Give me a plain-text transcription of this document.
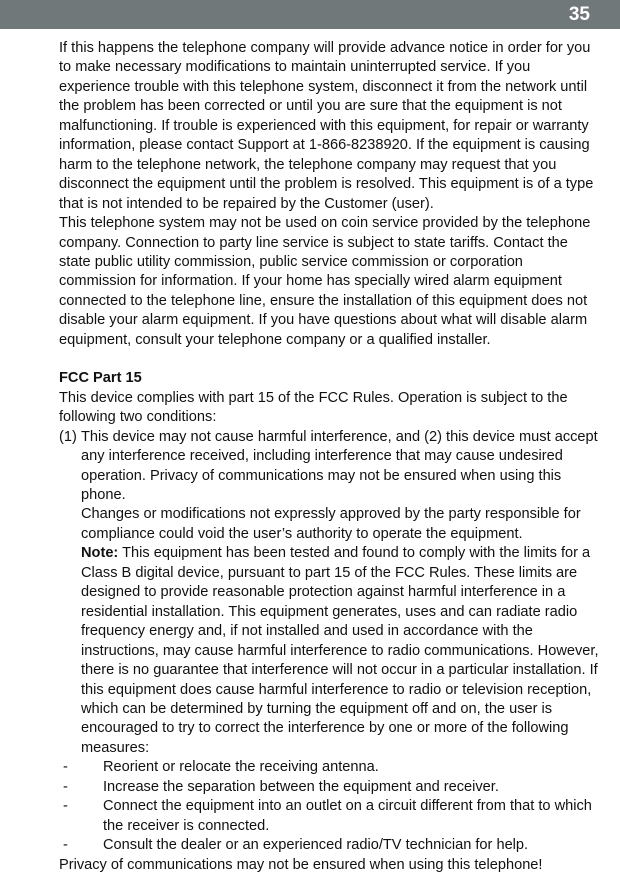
35

If this happens the telephone company will provide advance notice in order for you to make necessary modifications to maintain uninterrupted service. If you experience trouble with this telephone system, disconnect it from the network until the problem has been corrected or until you are sure that the equipment is not malfunctioning. If trouble is experienced with this equipment, for repair or warranty information, please contact Support at 1-866-8238920. If the equipment is causing harm to the telephone network, the telephone company may request that you disconnect the equipment until the problem is resolved. This equipment is of a type that is not intended to be repaired by the Customer (user).

This telephone system may not be used on coin service provided by the telephone company. Connection to party line service is subject to state tariffs. Contact the state public utility commission, public service commission or corporation commission for information. If your home has specially wired alarm equipment connected to the telephone line, ensure the installation of this equipment does not disable your alarm equipment. If you have questions about what will disable alarm equipment, consult your telephone company or a qualified installer.

FCC Part 15

This device complies with part 15 of the FCC Rules. Operation is subject to the following two conditions:

(1) This device may not cause harmful interference, and (2) this device must accept any interference received, including interference that may cause undesired operation. Privacy of communications may not be ensured when using this phone.

Changes or modifications not expressly approved by the party responsible for compliance could void the user’s authority to operate the equipment.

Note: This equipment has been tested and found to comply with the limits for a Class B digital device, pursuant to part 15 of the FCC Rules. These limits are designed to provide reasonable protection against harmful interference in a residential installation. This equipment generates, uses and can radiate radio frequency energy and, if not installed and used in accordance with the instructions, may cause harmful interference to radio communications. However, there is no guarantee that interference will not occur in a particular installation. If this equipment does cause harmful interference to radio or television reception, which can be determined by turning the equipment off and on, the user is encouraged to try to correct the interference by one or more of the following measures:

- Reorient or relocate the receiving antenna.
- Increase the separation between the equipment and receiver.
- Connect the equipment into an outlet on a circuit different from that to which the receiver is connected.
- Consult the dealer or an experienced radio/TV technician for help.

Privacy of communications may not be ensured when using this telephone!
